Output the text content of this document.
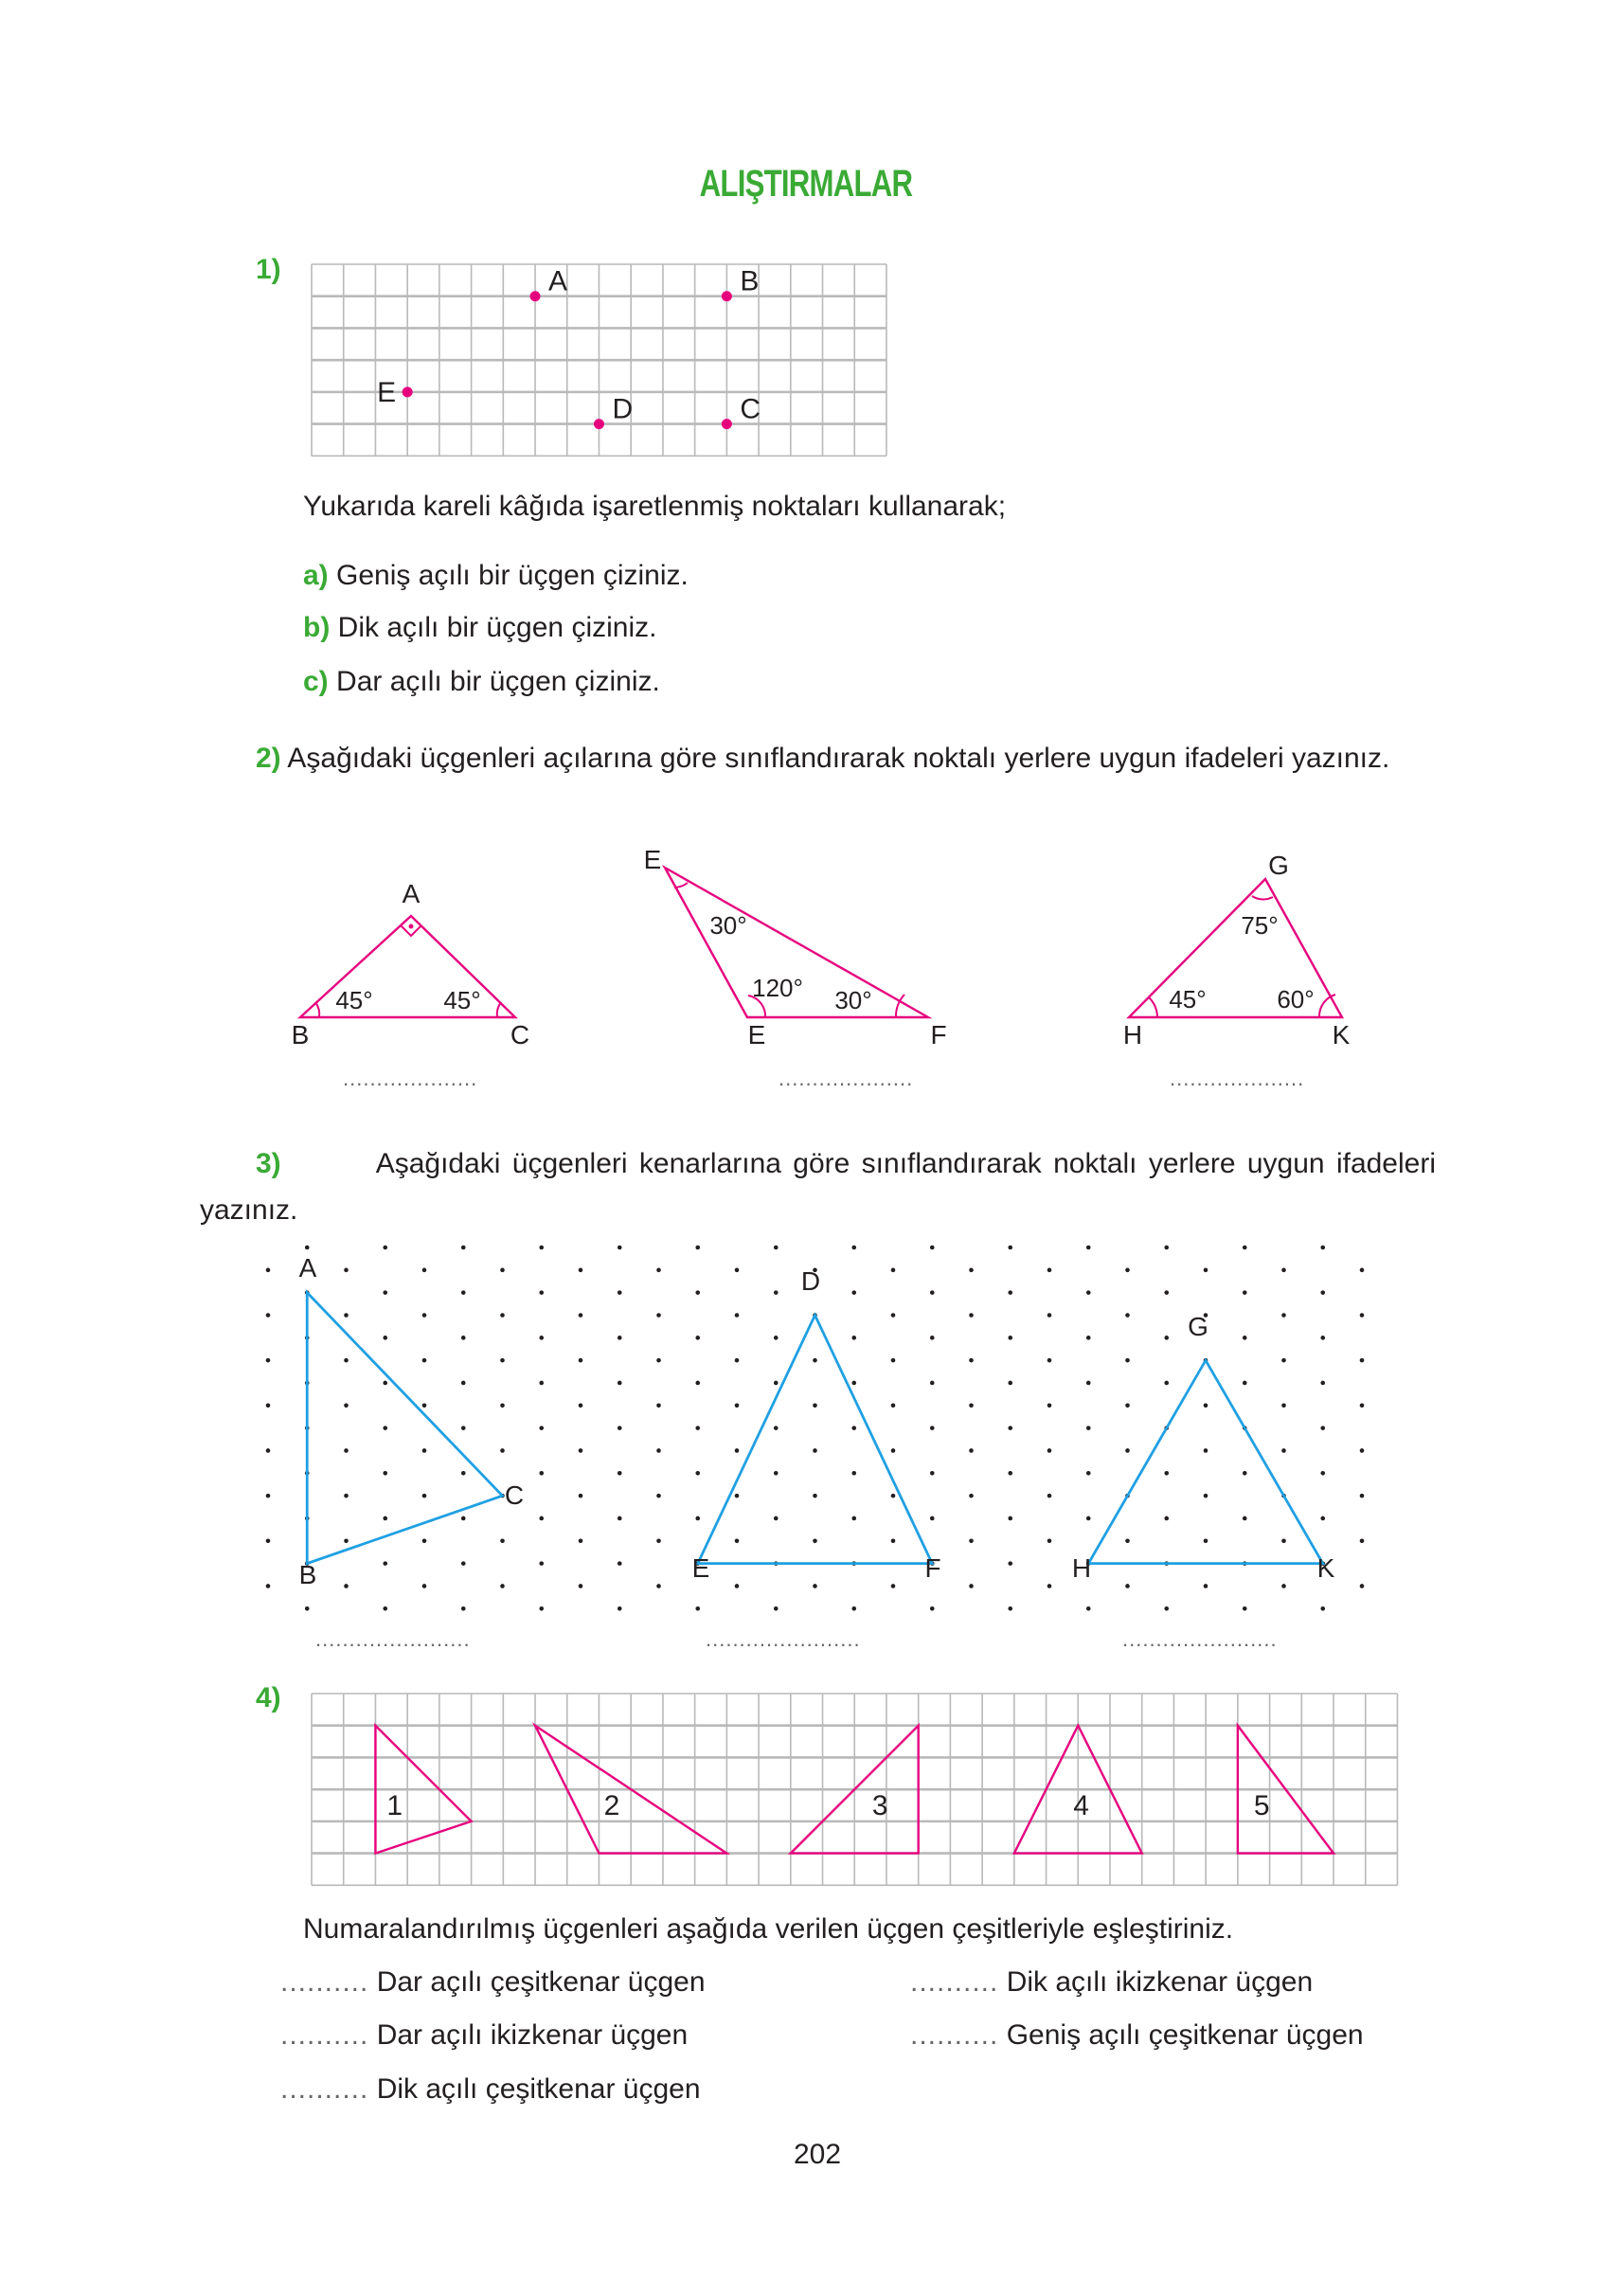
ALIŞTIRMALAR
1)
Yukarıda kareli kâğıda işaretlenmiş noktaları kullanarak;
a) Geniş açılı bir üçgen çiziniz.
b) Dik açılı bir üçgen çiziniz.
c) Dar açılı bir üçgen çiziniz.
2) Aşağıdaki üçgenleri açılarına göre sınıflandırarak noktalı yerlere uygun ifadeleri yazınız.
....................	....................	....................
3)	Aşağıdaki üçgenleri kenarlarına göre sınıflandırarak noktalı yerlere uygun ifadeleri
yazınız.
.......................	.......................	.......................
4)
Numaralandırılmış üçgenleri aşağıda verilen üçgen çeşitleriyle eşleştiriniz.
.......... Dar açılı çeşitkenar üçgen	.......... Dik açılı ikizkenar üçgen
.......... Dar açılı ikizkenar üçgen	.......... Geniş açılı çeşitkenar üçgen
.......... Dik açılı çeşitkenar üçgen
202
A	B
E
D	C
A
B	C
45°	45°
E
E	F
30°
120° 30°
G
H	K
75°
45°	60°
A
B
C
D
E	F
G
H	K
1	2	3	4	5
